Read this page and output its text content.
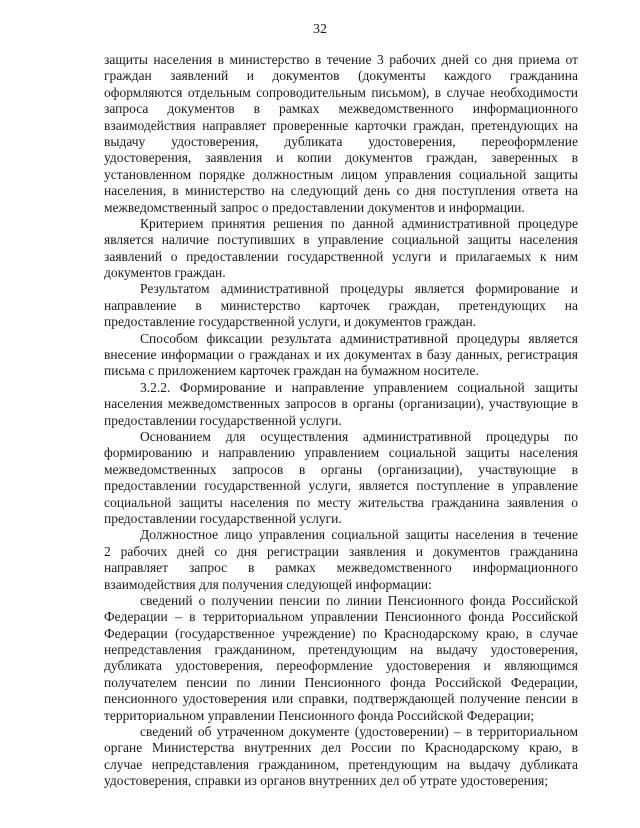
32

защиты населения в министерство в течение 3 рабочих дней со дня приема от
граждан заявлений и документов (документы каждого гражданина
оформляются отдельным сопроводительным письмом), в случае необходимости
запроса документов в рамках межведомственного информационного
взаимодействия направляет проверенные карточки граждан, претендующих на
выдачу удостоверения, дубликата удостоверения, переоформление
удостоверения, заявления и копии документов граждан, заверенных в
установленном порядке должностным лицом управления социальной защиты
населения, в министерство на следующий день со дня поступления ответа на
межведомственный запрос о предоставлении документов и информации.

Критерием принятия решения по данной административной процедуре
является наличие поступивших в управление социальной защиты населения
заявлений о предоставлении государственной услуги и прилагаемых к ним
документов граждан.

Результатом административной процедуры является формирование и
направление в министерство карточек граждан, претендующих на
предоставление государственной услуги, и документов граждан.

Способом фиксации результата административной процедуры является
внесение информации о гражданах и их документах в базу данных, регистрация
письма с приложением карточек граждан на бумажном носителе.

3.2.2. Формирование и направление управлением социальной защиты
населения межведомственных запросов в органы (организации), участвующие в
предоставлении государственной услуги.

Основанием для осуществления административной процедуры по
формированию и направлению управлением социальной защиты населения
межведомственных запросов в органы (организации), участвующие в
предоставлении государственной услуги, является поступление в управление
социальной защиты населения по месту жительства гражданина заявления о
предоставлении государственной услуги.

Должностное лицо управления социальной защиты населения в течение
2 рабочих дней со дня регистрации заявления и документов гражданина
направляет запрос в рамках межведомственного информационного
взаимодействия для получения следующей информации:

сведений о получении пенсии по линии Пенсионного фонда Российской
Федерации – в территориальном управлении Пенсионного фонда Российской
Федерации (государственное учреждение) по Краснодарскому краю, в случае
непредставления гражданином, претендующим на выдачу удостоверения,
дубликата удостоверения, переоформление удостоверения и являющимся
получателем пенсии по линии Пенсионного фонда Российской Федерации,
пенсионного удостоверения или справки, подтверждающей получение пенсии в
территориальном управлении Пенсионного фонда Российской Федерации;

сведений об утраченном документе (удостоверении) – в территориальном
органе Министерства внутренних дел России по Краснодарскому краю, в
случае непредставления гражданином, претендующим на выдачу дубликата
удостоверения, справки из органов внутренних дел об утрате удостоверения;
